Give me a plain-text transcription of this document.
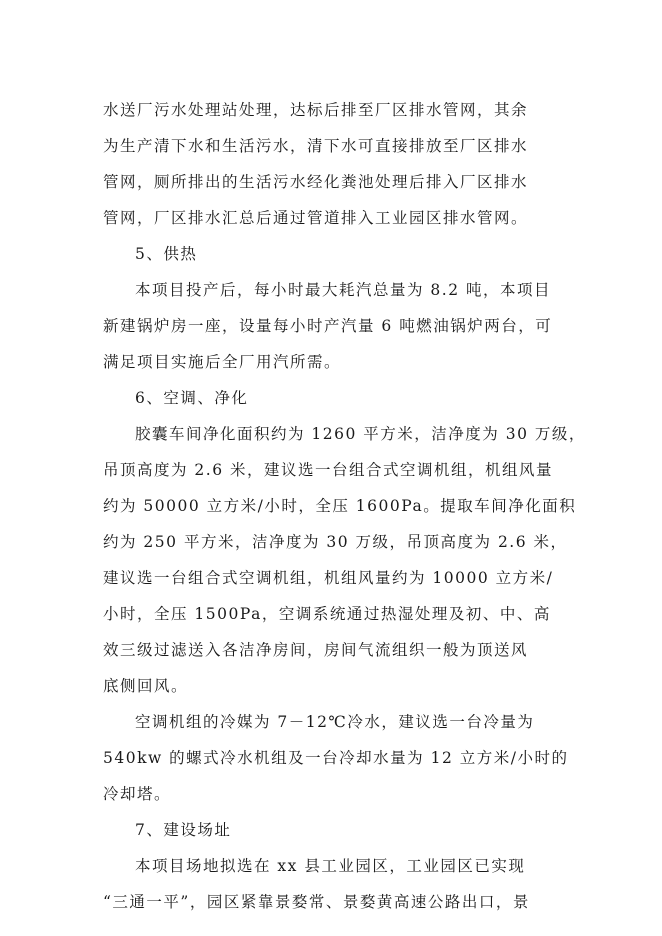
水送厂污水处理站处理，达标后排至厂区排水管网，其余

为生产清下水和生活污水，清下水可直接排放至厂区排水

管网，厕所排出的生活污水经化粪池处理后排入厂区排水

管网，厂区排水汇总后通过管道排入工业园区排水管网。

5、供热

本项目投产后，每小时最大耗汽总量为 8.2 吨，本项目

新建锅炉房一座，设量每小时产汽量 6 吨燃油锅炉两台，可

满足项目实施后全厂用汽所需。

6、空调、净化

胶囊车间净化面积约为 1260 平方米，洁净度为 30 万级，

吊顶高度为 2.6 米，建议选一台组合式空调机组，机组风量

约为 50000 立方米/小时，全压 1600Pa。提取车间净化面积

约为 250 平方米，洁净度为 30 万级，吊顶高度为 2.6 米，

建议选一台组合式空调机组，机组风量约为 10000 立方米/

小时，全压 1500Pa，空调系统通过热湿处理及初、中、高

效三级过滤送入各洁净房间，房间气流组织一般为顶送风

底侧回风。

空调机组的冷媒为 7－12℃冷水，建议选一台冷量为

540kw 的螺式冷水机组及一台冷却水量为 12 立方米/小时的

冷却塔。

7、建设场址

本项目场地拟选在 xx 县工业园区，工业园区已实现

“三通一平”，园区紧靠景婺常、景婺黄高速公路出口，景
